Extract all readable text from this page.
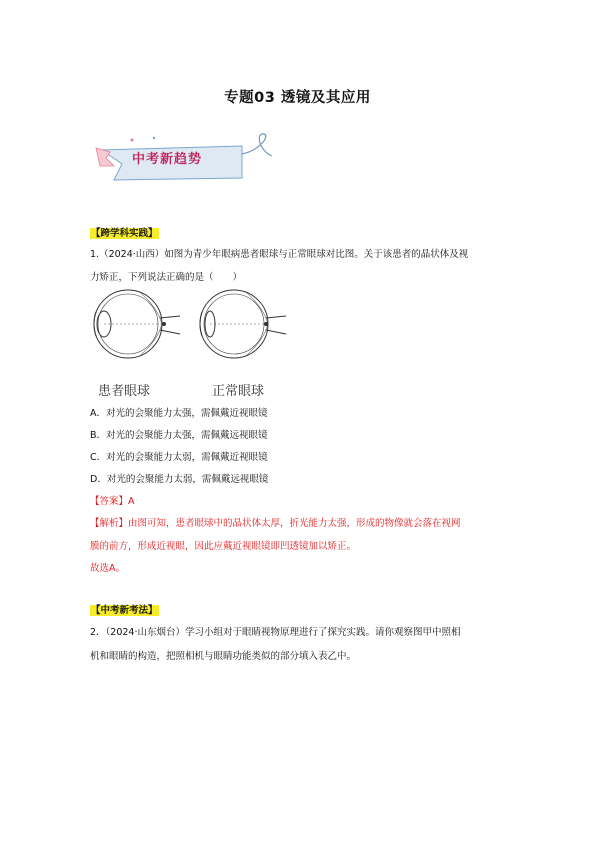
专题03 透镜及其应用
中考新趋势
【跨学科实践】
1.（2024·山西）如图为青少年眼病患者眼球与正常眼球对比图。关于该患者的晶状体及视
力矫正，下列说法正确的是（　　）
患者眼球	正常眼球
A．对光的会聚能力太强，需佩戴近视眼镜
B．对光的会聚能力太强，需佩戴远视眼镜
C．对光的会聚能力太弱，需佩戴近视眼镜
D．对光的会聚能力太弱，需佩戴远视眼镜
【答案】A
【解析】由图可知，患者眼球中的晶状体太厚，折光能力太强，形成的物像就会落在视网
膜的前方，形成近视眼，因此应戴近视眼镜即凹透镜加以矫正。
故选A。
【中考新考法】
2．（2024·山东烟台）学习小组对于眼睛视物原理进行了探究实践。请你观察图甲中照相
机和眼睛的构造，把照相机与眼睛功能类似的部分填入表乙中。
